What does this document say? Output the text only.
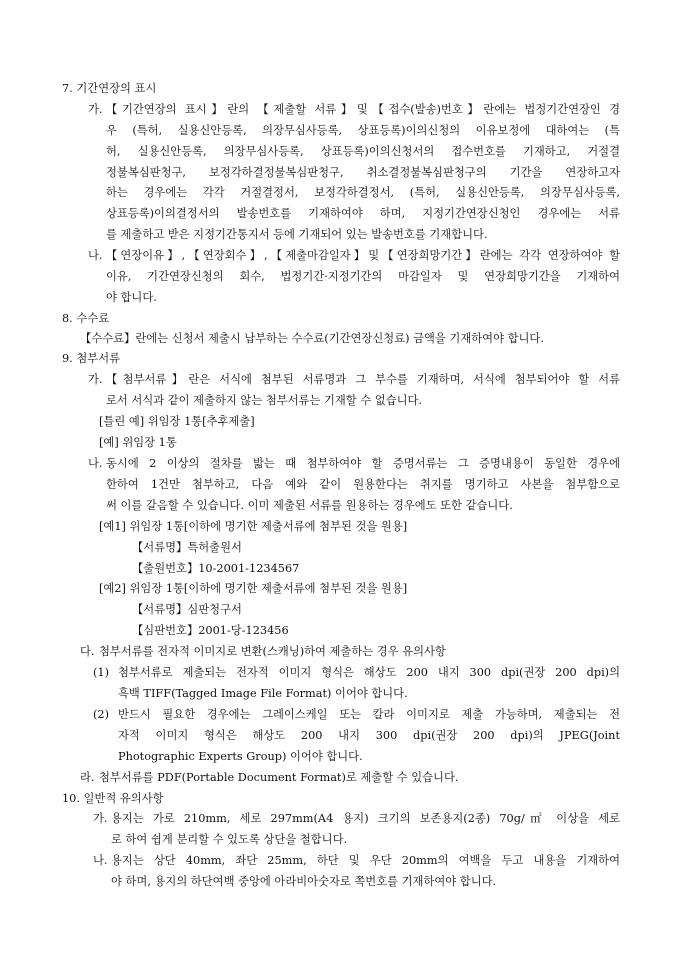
7. 기간연장의 표시
가. 【기간연장의 표시】란의 【제출할 서류】및【접수(발송)번호】란에는 법정기간연장인 경
우 (특허, 실용신안등록, 의장무심사등록, 상표등록)이의신청의 이유보정에 대하여는 (특
허, 실용신안등록, 의장무심사등록, 상표등록)이의신청서의 접수번호를 기재하고, 거절결
정불복심판청구, 보정각하결정불복심판청구, 취소결정불복심판청구의 기간을 연장하고자
하는 경우에는 각각 거절결정서, 보정각하결정서, (특허, 실용신안등록, 의장무심사등록,
상표등록)이의결정서의 발송번호를 기재하여야 하며, 지정기간연장신청인 경우에는 서류
를 제출하고 받은 지정기간통지서 등에 기재되어 있는 발송번호를 기재합니다.
나. 【연장이유】,【연장회수】,【제출마감일자】및【연장희망기간】란에는 각각 연장하여야 할
이유, 기간연장신청의 회수, 법정기간·지정기간의 마감일자 및 연장희망기간을 기재하여
야 합니다.
8. 수수료
【수수료】란에는 신청서 제출시 납부하는 수수료(기간연장신청료) 금액을 기재하여야 합니다.
9. 첨부서류
가. 【첨부서류】란은 서식에 첨부된 서류명과 그 부수를 기재하며, 서식에 첨부되어야 할 서류
로서 서식과 같이 제출하지 않는 첨부서류는 기재할 수 없습니다.
[틀린 예] 위임장 1통[추후제출]
[예] 위임장 1통
나. 동시에 2 이상의 절차를 밟는 때 첨부하여야 할 증명서류는 그 증명내용이 동일한 경우에
한하여 1건만 첨부하고, 다음 예와 같이 원용한다는 취지를 명기하고 사본을 첨부함으로
써 이를 갈음할 수 있습니다. 이미 제출된 서류를 원용하는 경우에도 또한 같습니다.
[예1] 위임장 1통[이하에 명기한 제출서류에 첨부된 것을 원용]
【서류명】특허출원서
【출원번호】10-2001-1234567
[예2] 위임장 1통[이하에 명기한 제출서류에 첨부된 것을 원용]
【서류명】심판청구서
【심판번호】2001-당-123456
다. 첨부서류를 전자적 이미지로 변환(스캐닝)하여 제출하는 경우 유의사항
(1) 첨부서류로 제출되는 전자적 이미지 형식은 해상도 200 내지 300 dpi(권장 200 dpi)의
흑백 TIFF(Tagged Image File Format) 이어야 합니다.
(2) 반드시 필요한 경우에는 그레이스케일 또는 칼라 이미지로 제출 가능하며, 제출되는 전
자적 이미지 형식은 해상도 200 내지 300 dpi(권장 200 dpi)의 JPEG(Joint
Photographic Experts Group) 이어야 합니다.
라. 첨부서류를 PDF(Portable Document Format)로 제출할 수 있습니다.
10. 일반적 유의사항
가. 용지는 가로 210mm, 세로 297mm(A4 용지) 크기의 보존용지(2종) 70g/㎡ 이상을 세로
로 하여 쉽게 분리할 수 있도록 상단을 철합니다.
나. 용지는 상단 40mm, 좌단 25mm, 하단 및 우단 20mm의 여백을 두고 내용을 기재하여
야 하며, 용지의 하단여백 중앙에 아라비아숫자로 쪽번호를 기재하여야 합니다.
